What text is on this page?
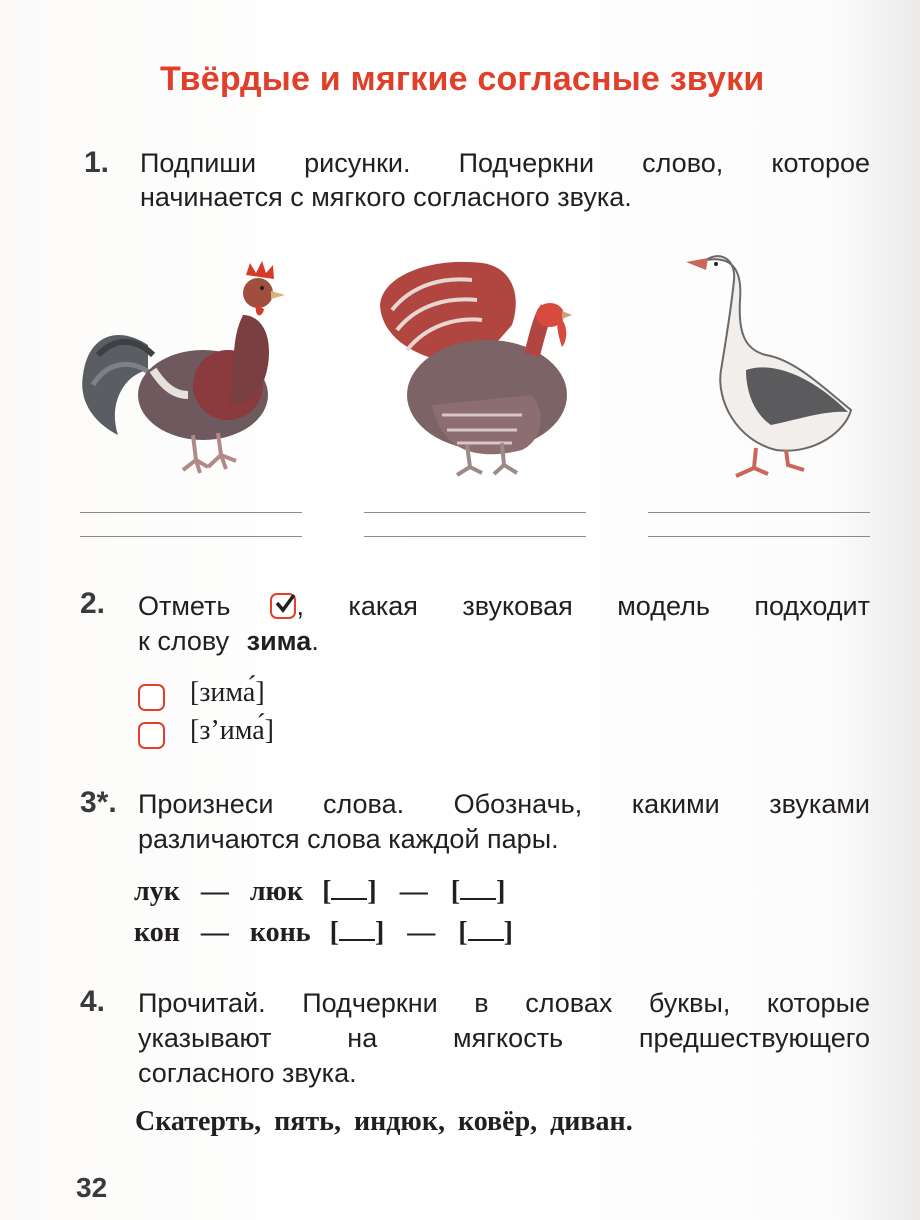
Твёрдые и мягкие согласные звуки
1. Подпиши рисунки. Подчеркни слово, которое
начинается с мягкого согласного звука.
2. Отметь , какая звуковая модель подходит
к слову зима.
[зима́]
[з’има́]
3*. Произнеси слова. Обозначь, какими звуками
различаются слова каждой пары.
лук — люк [ ] — [ ]
кон — конь [ ] — [ ]
4. Прочитай. Подчеркни в словах буквы, которые
указывают на мягкость предшествующего
согласного звука.
Скатерть, пять, индюк, ковёр, диван.
32
